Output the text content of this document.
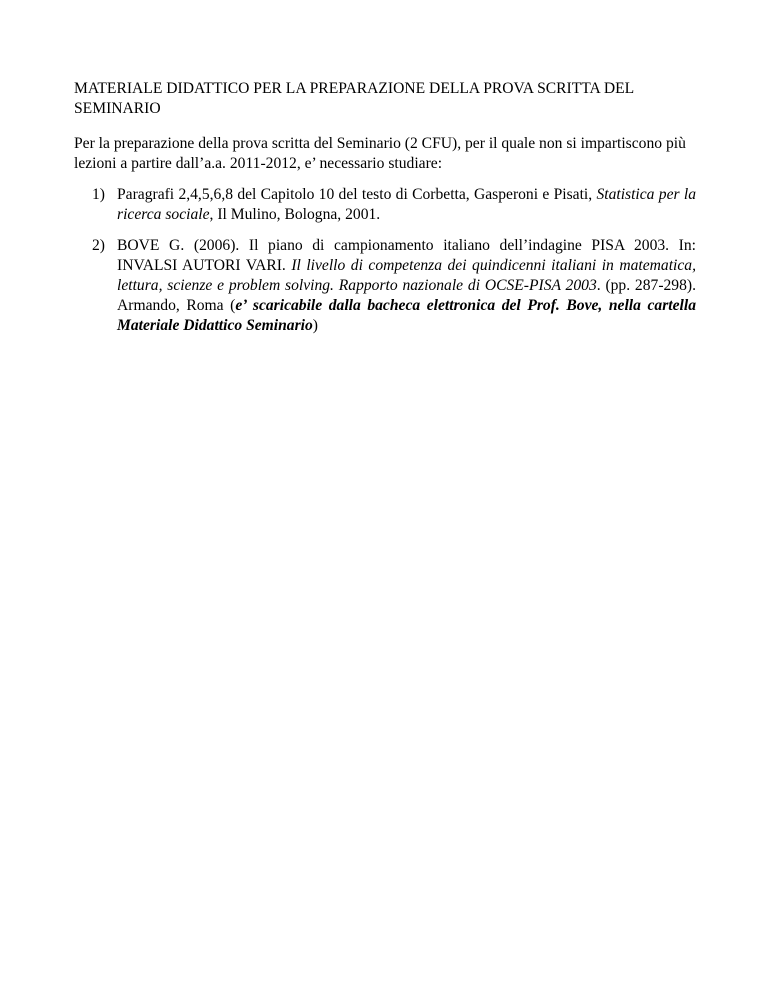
MATERIALE DIDATTICO PER LA PREPARAZIONE DELLA PROVA SCRITTA DEL SEMINARIO

Per la preparazione della prova scritta del Seminario (2 CFU), per il quale non si impartiscono più lezioni a partire dall’a.a. 2011-2012, e’ necessario studiare:

1) Paragrafi 2,4,5,6,8 del Capitolo 10 del testo di Corbetta, Gasperoni e Pisati, Statistica per la ricerca sociale, Il Mulino, Bologna, 2001.
2) BOVE G. (2006). Il piano di campionamento italiano dell’indagine PISA 2003. In: INVALSI AUTORI VARI. Il livello di competenza dei quindicenni italiani in matematica, lettura, scienze e problem solving. Rapporto nazionale di OCSE-PISA 2003. (pp. 287-298). Armando, Roma (e’ scaricabile dalla bacheca elettronica del Prof. Bove, nella cartella Materiale Didattico Seminario)
